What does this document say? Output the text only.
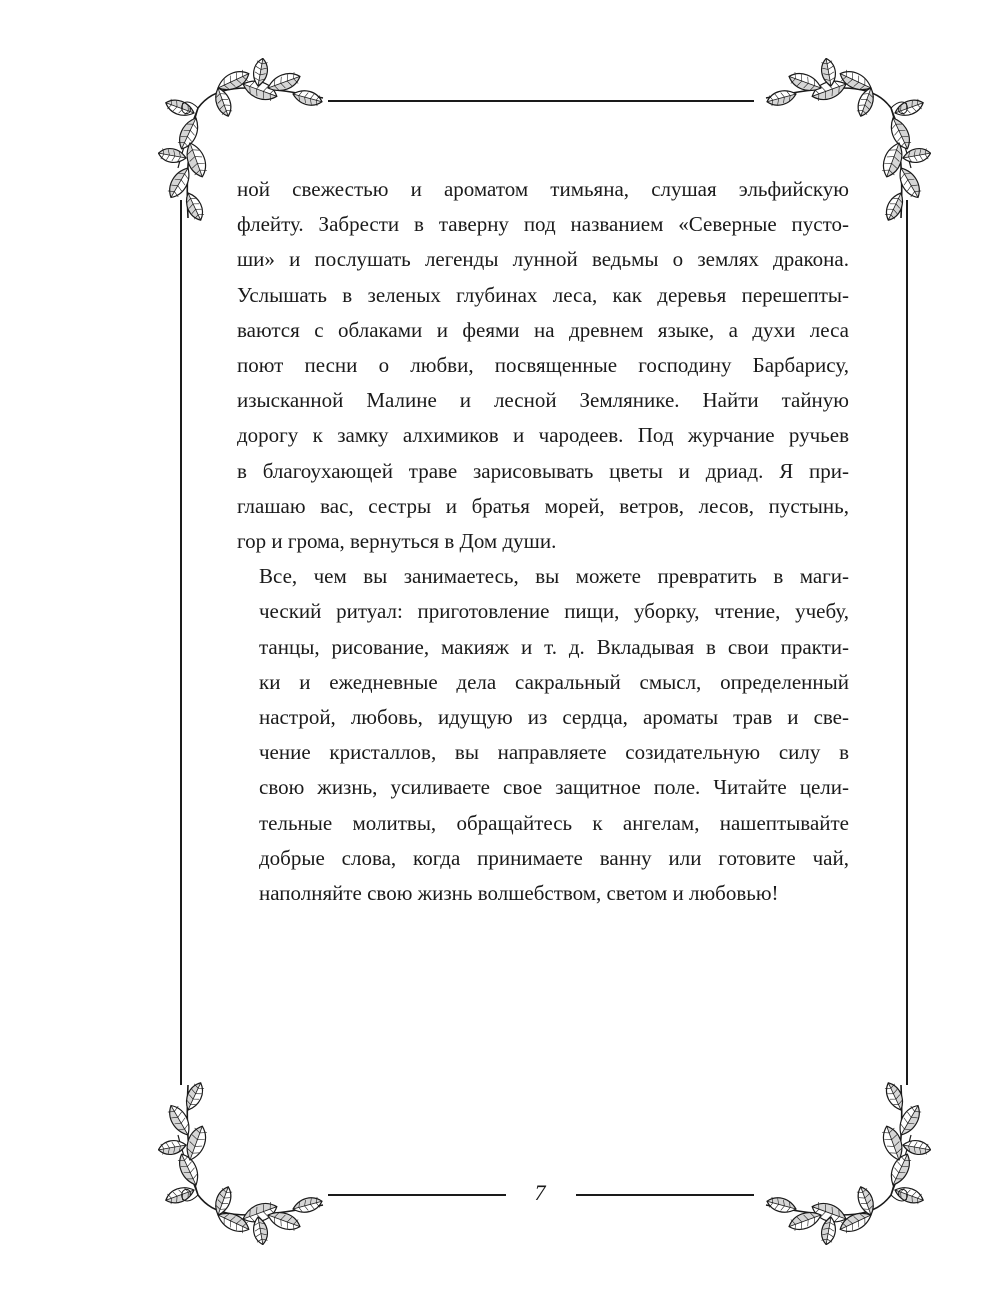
ной свежестью и ароматом тимьяна, слушая эльфийскую
флейту. Забрести в таверну под названием «Северные пусто-
ши» и послушать легенды лунной ведьмы о землях дракона.
Услышать в зеленых глубинах леса, как деревья перешепты-
ваются с облаками и феями на древнем языке, а духи леса
поют песни о любви, посвященные господину Барбарису,
изысканной Малине и лесной Землянике. Найти тайную
дорогу к замку алхимиков и чародеев. Под журчание ручьев
в благоухающей траве зарисовывать цветы и дриад. Я при-
глашаю вас, сестры и братья морей, ветров, лесов, пустынь,
гор и грома, вернуться в Дом души.
Все, чем вы занимаетесь, вы можете превратить в маги-
ческий ритуал: приготовление пищи, уборку, чтение, учебу,
танцы, рисование, макияж и т. д. Вкладывая в свои практи-
ки и ежедневные дела сакральный смысл, определенный
настрой, любовь, идущую из сердца, ароматы трав и све-
чение кристаллов, вы направляете созидательную силу в
свою жизнь, усиливаете свое защитное поле. Читайте цели-
тельные молитвы, обращайтесь к ангелам, нашептывайте
добрые слова, когда принимаете ванну или готовите чай,
наполняйте свою жизнь волшебством, светом и любовью!
7
